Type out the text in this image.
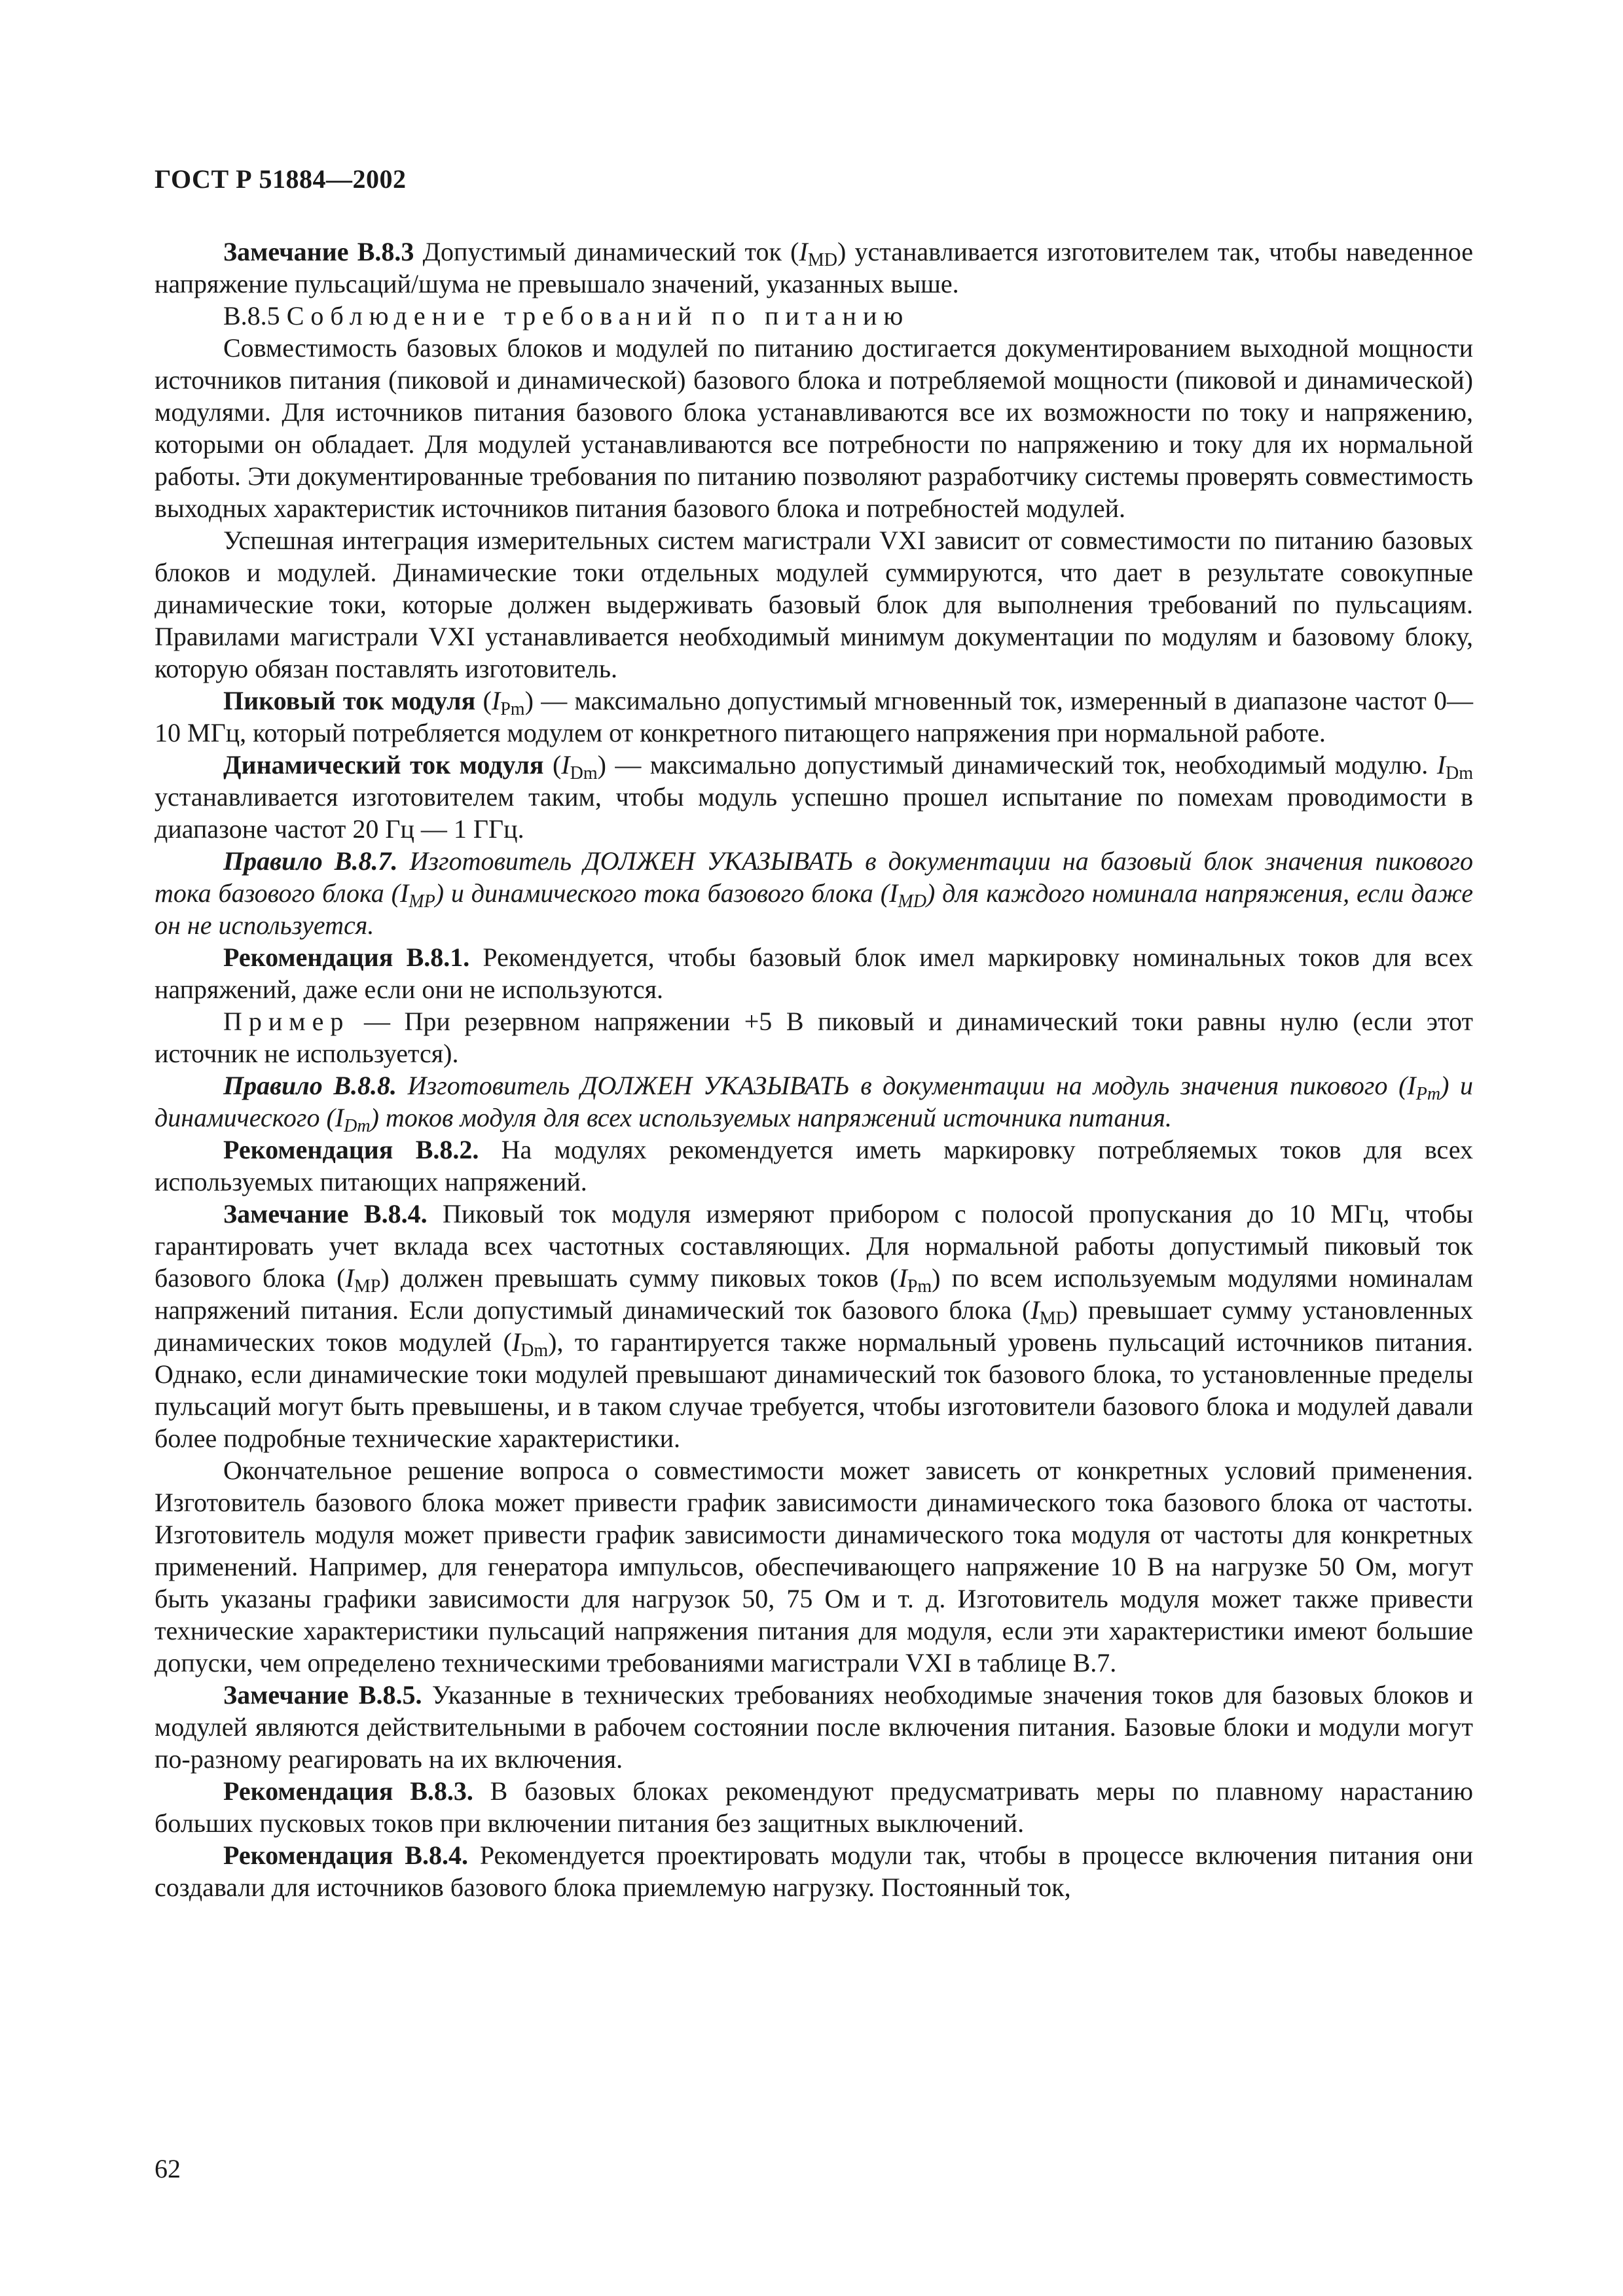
ГОСТ Р 51884—2002

Замечание В.8.3 Допустимый динамический ток $(I_{MD})$ устанавливается изготовителем так, чтобы наведенное напряжение пульсаций/шума не превышало значений, указанных выше.

В.8.5 Соблюдение требований по питанию

Совместимость базовых блоков и модулей по питанию достигается документированием выходной мощности источников питания (пиковой и динамической) базового блока и потребляемой мощности (пиковой и динамической) модулями. Для источников питания базового блока устанавливаются все их возможности по току и напряжению, которыми он обладает. Для модулей устанавливаются все потребности по напряжению и току для их нормальной работы. Эти документированные требования по питанию позволяют разработчику системы проверять совместимость выходных характеристик источников питания базового блока и потребностей модулей.

Успешная интеграция измерительных систем магистрали VXI зависит от совместимости по питанию базовых блоков и модулей. Динамические токи отдельных модулей суммируются, что дает в результате совокупные динамические токи, которые должен выдерживать базовый блок для выполнения требований по пульсациям. Правилами магистрали VXI устанавливается необходимый минимум документации по модулям и базовому блоку, которую обязан поставлять изготовитель.

Пиковый ток модуля $(I_{Pm})$ — максимально допустимый мгновенный ток, измеренный в диапазоне частот 0—10 МГц, который потребляется модулем от конкретного питающего напряжения при нормальной работе.

Динамический ток модуля $(I_{Dm})$ — максимально допустимый динамический ток, необходимый модулю. $I_{Dm}$ устанавливается изготовителем таким, чтобы модуль успешно прошел испытание по помехам проводимости в диапазоне частот 20 Гц — 1 ГГц.

Правило В.8.7. Изготовитель ДОЛЖЕН УКАЗЫВАТЬ в документации на базовый блок значения пикового тока базового блока $(I_{MP})$ и динамического тока базового блока $(I_{MD})$ для каждого номинала напряжения, если даже он не используется.

Рекомендация В.8.1. Рекомендуется, чтобы базовый блок имел маркировку номинальных токов для всех напряжений, даже если они не используются.

Пример — При резервном напряжении +5 В пиковый и динамический токи равны нулю (если этот источник не используется).

Правило В.8.8. Изготовитель ДОЛЖЕН УКАЗЫВАТЬ в документации на модуль значения пикового $(I_{Pm})$ и динамического $(I_{Dm})$ токов модуля для всех используемых напряжений источника питания.

Рекомендация В.8.2. На модулях рекомендуется иметь маркировку потребляемых токов для всех используемых питающих напряжений.

Замечание В.8.4. Пиковый ток модуля измеряют прибором с полосой пропускания до 10 МГц, чтобы гарантировать учет вклада всех частотных составляющих. Для нормальной работы допустимый пиковый ток базового блока $(I_{MP})$ должен превышать сумму пиковых токов $(I_{Pm})$ по всем используемым модулями номиналам напряжений питания. Если допустимый динамический ток базового блока $(I_{MD})$ превышает сумму установленных динамических токов модулей $(I_{Dm})$, то гарантируется также нормальный уровень пульсаций источников питания. Однако, если динамические токи модулей превышают динамический ток базового блока, то установленные пределы пульсаций могут быть превышены, и в таком случае требуется, чтобы изготовители базового блока и модулей давали более подробные технические характеристики.

Окончательное решение вопроса о совместимости может зависеть от конкретных условий применения. Изготовитель базового блока может привести график зависимости динамического тока базового блока от частоты. Изготовитель модуля может привести график зависимости динамического тока модуля от частоты для конкретных применений. Например, для генератора импульсов, обеспечивающего напряжение 10 В на нагрузке 50 Ом, могут быть указаны графики зависимости для нагрузок 50, 75 Ом и т. д. Изготовитель модуля может также привести технические характеристики пульсаций напряжения питания для модуля, если эти характеристики имеют большие допуски, чем определено техническими требованиями магистрали VXI в таблице В.7.

Замечание В.8.5. Указанные в технических требованиях необходимые значения токов для базовых блоков и модулей являются действительными в рабочем состоянии после включения питания. Базовые блоки и модули могут по-разному реагировать на их включения.

Рекомендация В.8.3. В базовых блоках рекомендуют предусматривать меры по плавному нарастанию больших пусковых токов при включении питания без защитных выключений.

Рекомендация В.8.4. Рекомендуется проектировать модули так, чтобы в процессе включения питания они создавали для источников базового блока приемлемую нагрузку. Постоянный ток,

62
